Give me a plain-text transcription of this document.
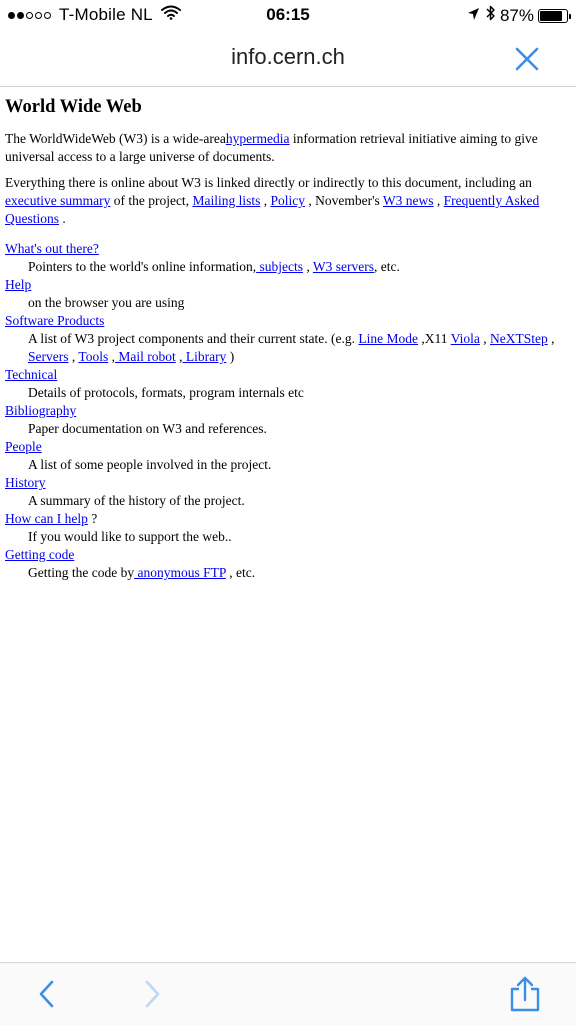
T-Mobile NL	06:15	87%
info.cern.ch
World Wide Web

The WorldWideWeb (W3) is a wide-areahypermedia information retrieval initiative aiming to give universal access to a large universe of documents.

Everything there is online about W3 is linked directly or indirectly to this document, including an executive summary of the project, Mailing lists , Policy , November's W3 news , Frequently Asked Questions .

What's out there?
Pointers to the world's online information, subjects , W3 servers, etc.
Help
on the browser you are using
Software Products
A list of W3 project components and their current state. (e.g. Line Mode ,X11 Viola , NeXTStep , Servers , Tools , Mail robot , Library )
Technical
Details of protocols, formats, program internals etc
Bibliography
Paper documentation on W3 and references.
People
A list of some people involved in the project.
History
A summary of the history of the project.
How can I help ?
If you would like to support the web..
Getting code
Getting the code by anonymous FTP , etc.
